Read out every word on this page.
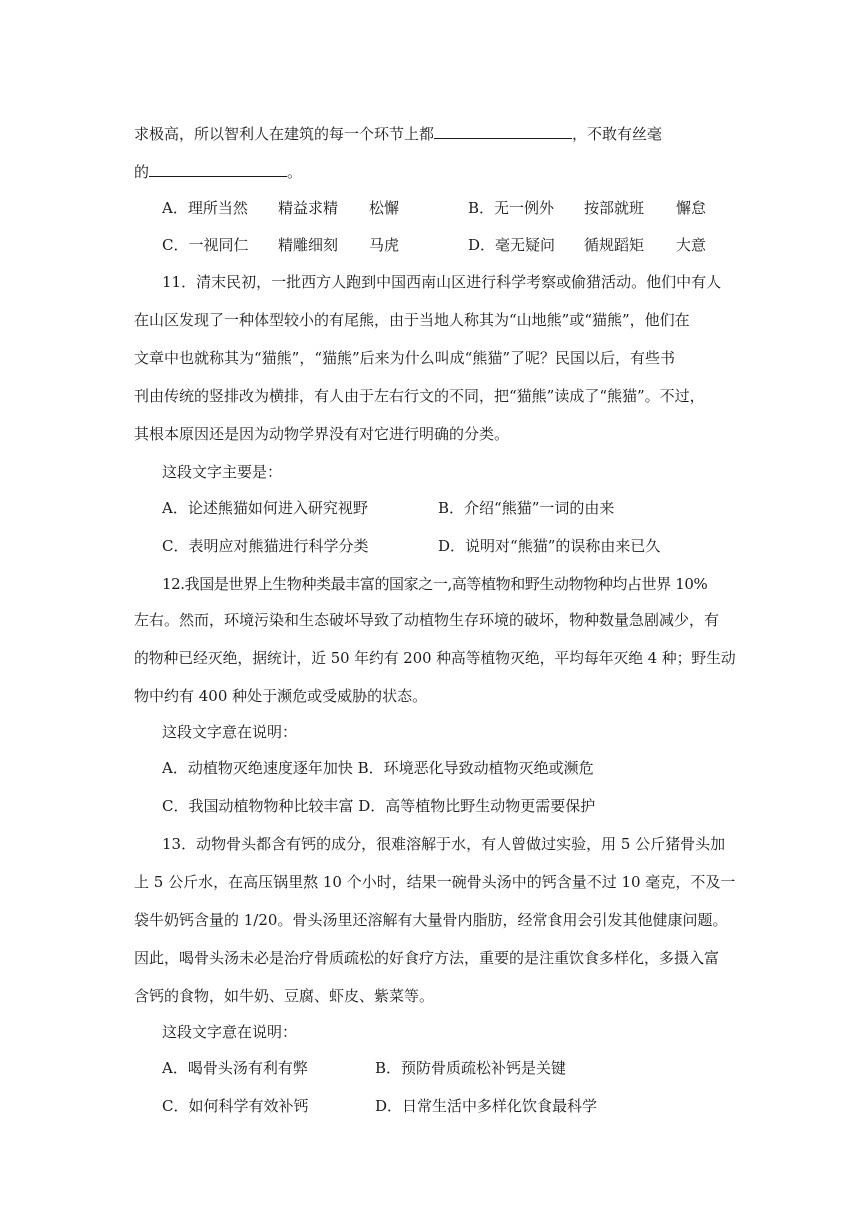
求极高，所以智利人在建筑的每一个环节上都	，不敢有丝毫
的	。
A．理所当然 精益求精 松懈	B．无一例外 按部就班 懈怠
C．一视同仁 精雕细刻 马虎	D．毫无疑问 循规蹈矩 大意
11．清末民初，一批西方人跑到中国西南山区进行科学考察或偷猎活动。他们中有人
在山区发现了一种体型较小的有尾熊，由于当地人称其为“山地熊”或“猫熊”，他们在
文章中也就称其为“猫熊”，“猫熊”后来为什么叫成“熊猫”了呢？民国以后，有些书
刊由传统的竖排改为横排，有人由于左右行文的不同，把“猫熊”读成了“熊猫”。不过，
其根本原因还是因为动物学界没有对它进行明确的分类。
这段文字主要是：
A．论述熊猫如何进入研究视野	B．介绍“熊猫”一词的由来
C．表明应对熊猫进行科学分类	D．说明对“熊猫”的误称由来已久
12.我国是世界上生物种类最丰富的国家之一,高等植物和野生动物物种均占世界 10%
左右。然而，环境污染和生态破坏导致了动植物生存环境的破坏，物种数量急剧减少，有
的物种已经灭绝，据统计，近 50 年约有 200 种高等植物灭绝，平均每年灭绝 4 种；野生动
物中约有 400 种处于濒危或受威胁的状态。
这段文字意在说明：
A．动植物灭绝速度逐年加快 B．环境恶化导致动植物灭绝或濒危
C．我国动植物物种比较丰富 D．高等植物比野生动物更需要保护
13．动物骨头都含有钙的成分，很难溶解于水，有人曾做过实验，用 5 公斤猪骨头加
上 5 公斤水，在高压锅里熬 10 个小时，结果一碗骨头汤中的钙含量不过 10 毫克，不及一
袋牛奶钙含量的 1/20。骨头汤里还溶解有大量骨内脂肪，经常食用会引发其他健康问题。
因此，喝骨头汤未必是治疗骨质疏松的好食疗方法，重要的是注重饮食多样化，多摄入富
含钙的食物，如牛奶、豆腐、虾皮、紫菜等。
这段文字意在说明：
A．喝骨头汤有利有弊	B．预防骨质疏松补钙是关键
C．如何科学有效补钙	D．日常生活中多样化饮食最科学
